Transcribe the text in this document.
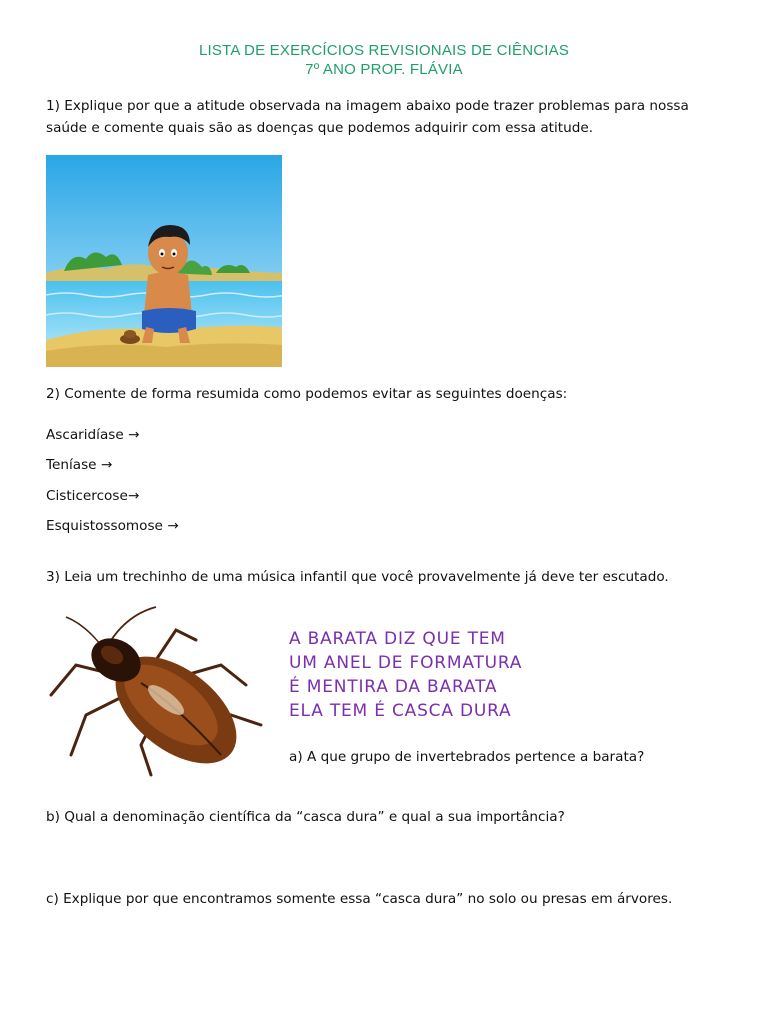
LISTA DE EXERCÍCIOS REVISIONAIS DE CIÊNCIAS
7º ANO PROF. FLÁVIA

1) Explique por que a atitude observada na imagem abaixo pode trazer problemas para nossa saúde e comente quais são as doenças que podemos adquirir com essa atitude.

2) Comente de forma resumida como podemos evitar as seguintes doenças:

Ascaridíase →

Teníase →

Cisticercose→

Esquistossomose →

3) Leia um trechinho de uma música infantil que você provavelmente já deve ter escutado.

A BARATA DIZ QUE TEM

UM ANEL DE FORMATURA

É MENTIRA DA BARATA

ELA TEM É CASCA DURA

a) A que grupo de invertebrados pertence a barata?

b) Qual a denominação científica da “casca dura” e qual a sua importância?

c) Explique por que encontramos somente essa “casca dura” no solo ou presas em árvores.
